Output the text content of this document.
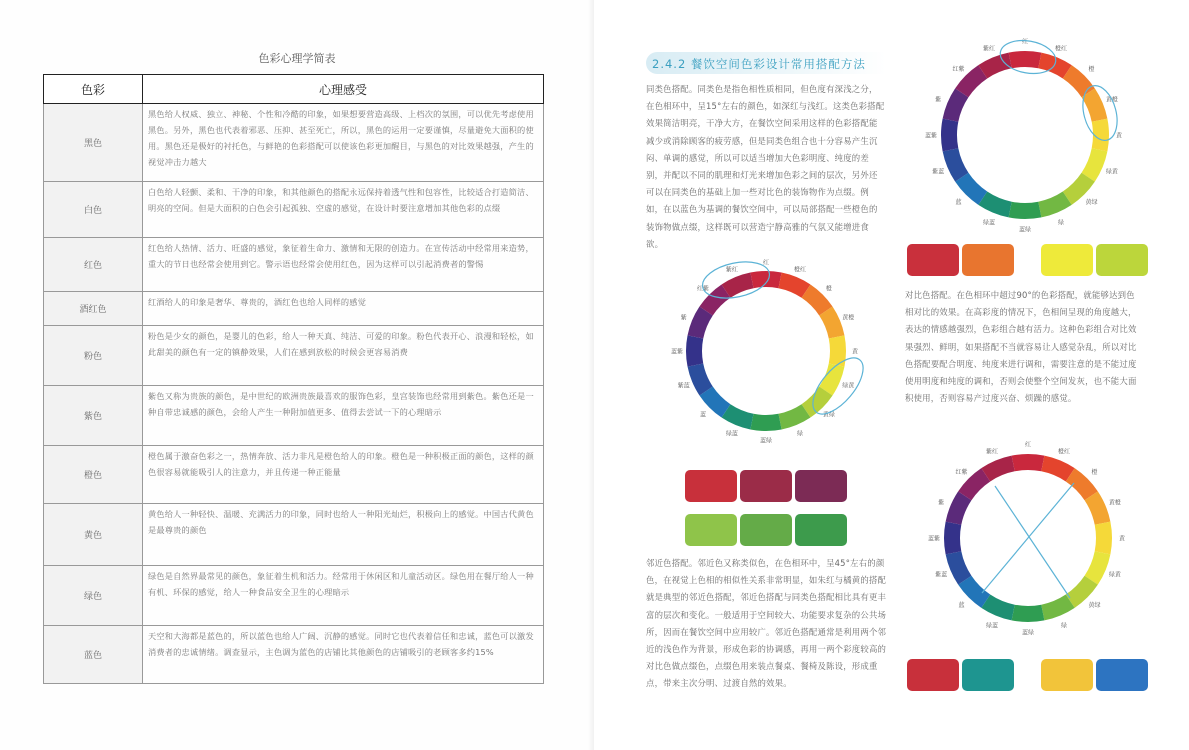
色彩心理学简表
色彩	心理感受
黑色	黑色给人权威、独立、神秘、个性和冷酷的印象，如果想要营造高级、上档次的氛围，可以优先考虑使用黑色。另外，黑色也代表着邪恶、压抑、甚至死亡，所以，黑色的运用一定要谨慎，尽量避免大面积的使用。黑色还是极好的衬托色，与鲜艳的色彩搭配可以使该色彩更加醒目，与黑色的对比效果越强，产生的视觉冲击力越大
白色	白色给人轻颤、柔和、干净的印象，和其他颜色的搭配永远保持着透气性和包容性，比较适合打造简洁、明亮的空间。但是大面积的白色会引起孤独、空虚的感觉，在设计时要注意增加其他色彩的点缀
红色	红色给人热情、活力、旺盛的感觉，象征着生命力、激情和无限的创造力。在宣传活动中经常用来造势，重大的节日也经常会使用到它。警示语也经常会使用红色，因为这样可以引起消费者的警惕
酒红色	红酒给人的印象是奢华、尊贵的，酒红色也给人同样的感觉
粉色	粉色是少女的颜色，是婴儿的色彩，给人一种天真、纯洁、可爱的印象。粉色代表开心、浪漫和轻松，如此甜美的颜色有一定的镇静效果，人们在感到放松的时候会更容易消费
紫色	紫色又称为贵族的颜色，是中世纪的欧洲贵族最喜欢的服饰色彩，皇宫装饰也经常用到紫色。紫色还是一种自带忠诚感的颜色，会给人产生一种附加值更多、值得去尝试一下的心理暗示
橙色	橙色属于激奋色彩之一，热情奔放、活力非凡是橙色给人的印象。橙色是一种积极正面的颜色，这样的颜色很容易就能吸引人的注意力，并且传递一种正能量
黄色	黄色给人一种轻快、温暖、充满活力的印象，同时也给人一种阳光灿烂，积极向上的感觉。中国古代黄色是最尊贵的颜色
绿色	绿色是自然界最常见的颜色，象征着生机和活力。经常用于休闲区和儿童活动区。绿色用在餐厅给人一种有机、环保的感觉，给人一种食品安全卫生的心理暗示
蓝色	天空和大海都是蓝色的，所以蓝色也给人广阔、沉静的感觉。同时它也代表着信任和忠诚，蓝色可以激发消费者的忠诚情绪。调查显示，主色调为蓝色的店铺比其他颜色的店铺吸引的老顾客多约15%
2.4.2 餐饮空间色彩设计常用搭配方法

同类色搭配。同类色是指色相性质相同，但色度有深浅之分，在色相环中，呈15°左右的颜色，如深红与浅红。这类色彩搭配效果简洁明亮，干净大方，在餐饮空间采用这样的色彩搭配能减少或消除顾客的疲劳感，但是同类色组合也十分容易产生沉闷、单调的感觉，所以可以适当增加大色彩明度、纯度的差别，并配以不同的肌理和灯光来增加色彩之间的层次，另外还可以在同类色的基础上加一些对比色的装饰物作为点缀。例如，在以蓝色为基调的餐饮空间中，可以局部搭配一些橙色的装饰物做点缀，这样既可以营造宁静高雅的气氛又能增进食欲。

对比色搭配。在色相环中超过90°的色彩搭配，就能够达到色相对比的效果。在高彩度的情况下，色相间呈现的角度越大，表达的情感越强烈，色彩组合越有活力。这种色彩组合对比效果强烈、鲜明，如果搭配不当就容易让人感觉杂乱，所以对比色搭配要配合明度、纯度来进行调和，需要注意的是不能过度使用明度和纯度的调和，否则会使整个空间发灰，也不能大面积使用，否则容易产过度兴奋、烦躁的感觉。

邻近色搭配。邻近色又称类似色，在色相环中，呈45°左右的颜色，在视觉上色相的相似性关系非常明显，如朱红与橘黄的搭配就是典型的邻近色搭配，邻近色搭配与同类色搭配相比具有更丰富的层次和变化。一般适用于空间较大、功能要求复杂的公共场所，因而在餐饮空间中应用较广。邻近色搭配通常是利用两个邻近的浅色作为背景，形成色彩的协调感，再用一两个彩度较高的对比色做点缀色，点缀色用来装点餐桌、餐椅及陈设，形成重点，带来主次分明、过渡自然的效果。

红
橙红
橙
黄橙
黄
绿黄
黄绿
绿
蓝绿
绿蓝
蓝
紫蓝
蓝紫
紫
红紫
紫红
红
橙红
橙
黄橙
黄
绿黄
黄绿
绿
蓝绿
绿蓝
蓝
紫蓝
蓝紫
紫
红紫
紫红
红
橙红
橙
黄橙
黄
绿黄
黄绿
绿
蓝绿
绿蓝
蓝
紫蓝
蓝紫
紫
红紫
紫红
